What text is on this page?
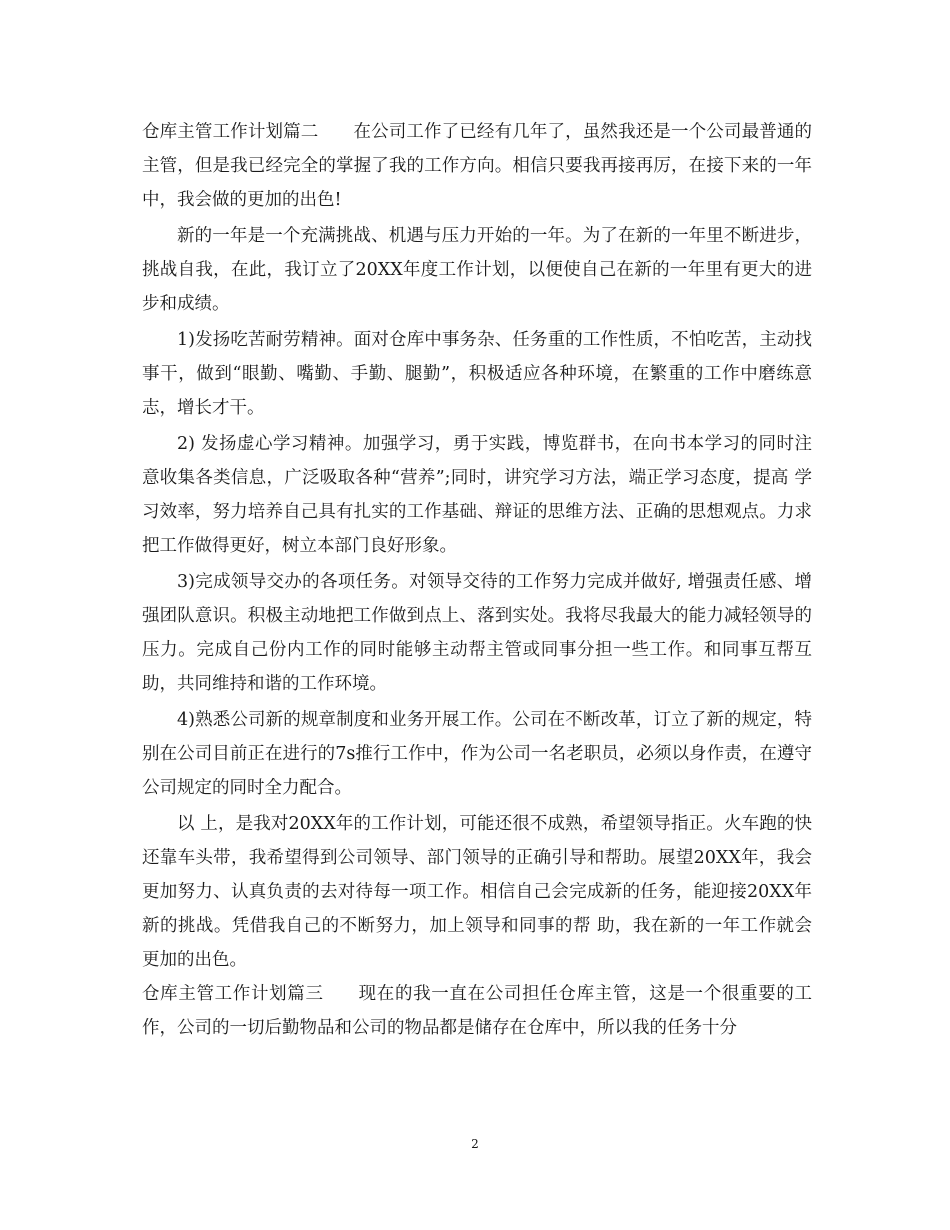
仓库主管工作计划篇二 在公司工作了已经有几年了，虽然我还是一个公司最普通的主管，但是我已经完全的掌握了我的工作方向。相信只要我再接再厉，在接下来的一年中，我会做的更加的出色!

新的一年是一个充满挑战、机遇与压力开始的一年。为了在新的一年里不断进步，挑战自我，在此，我订立了20XX年度工作计划，以便使自己在新的一年里有更大的进步和成绩。

1)发扬吃苦耐劳精神。面对仓库中事务杂、任务重的工作性质，不怕吃苦，主动找事干，做到“眼勤、嘴勤、手勤、腿勤”，积极适应各种环境，在繁重的工作中磨练意志，增长才干。

2) 发扬虚心学习精神。加强学习，勇于实践，博览群书，在向书本学习的同时注意收集各类信息，广泛吸取各种“营养”;同时，讲究学习方法，端正学习态度，提高 学习效率，努力培养自己具有扎实的工作基础、辩证的思维方法、正确的思想观点。力求把工作做得更好，树立本部门良好形象。

3)完成领导交办的各项任务。对领导交待的工作努力完成并做好, 增强责任感、增强团队意识。积极主动地把工作做到点上、落到实处。我将尽我最大的能力减轻领导的压力。完成自己份内工作的同时能够主动帮主管或同事分担一些工作。和同事互帮互助，共同维持和谐的工作环境。

4)熟悉公司新的规章制度和业务开展工作。公司在不断改革，订立了新的规定，特别在公司目前正在进行的7s推行工作中，作为公司一名老职员，必须以身作责，在遵守公司规定的同时全力配合。

以 上，是我对20XX年的工作计划，可能还很不成熟，希望领导指正。火车跑的快还靠车头带，我希望得到公司领导、部门领导的正确引导和帮助。展望20XX年，我会更加努力、认真负责的去对待每一项工作。相信自己会完成新的任务，能迎接20XX年新的挑战。凭借我自己的不断努力，加上领导和同事的帮 助，我在新的一年工作就会更加的出色。

仓库主管工作计划篇三 现在的我一直在公司担任仓库主管，这是一个很重要的工 作，公司的一切后勤物品和公司的物品都是储存在仓库中，所以我的任务十分

2
